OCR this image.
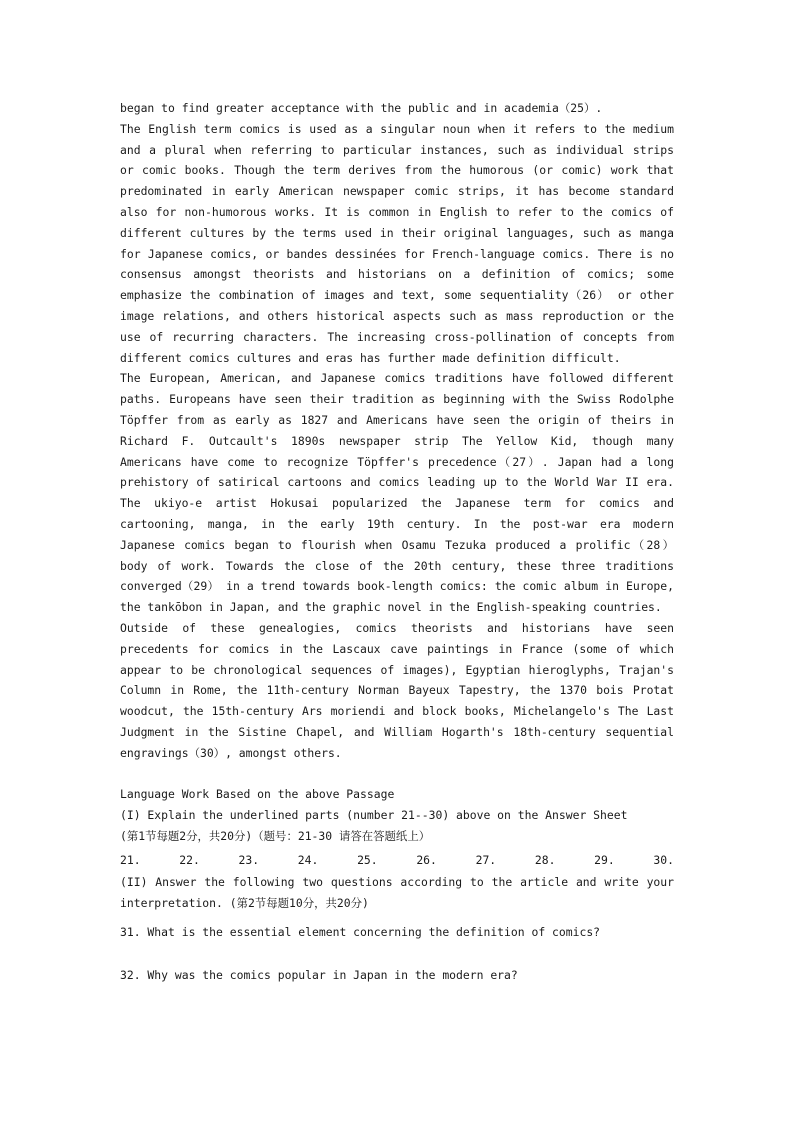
began to find greater acceptance with the public and in academia（25）.

The English term comics is used as a singular noun when it refers to the medium and a plural when referring to particular instances, such as individual strips or comic books. Though the term derives from the humorous (or comic) work that predominated in early American newspaper comic strips, it has become standard also for non-humorous works. It is common in English to refer to the comics of different cultures by the terms used in their original languages, such as manga for Japanese comics, or bandes dessinées for French-language comics. There is no consensus amongst theorists and historians on a definition of comics; some emphasize the combination of images and text, some sequentiality（26） or other image relations, and others historical aspects such as mass reproduction or the use of recurring characters. The increasing cross-pollination of concepts from different comics cultures and eras has further made definition difficult.

The European, American, and Japanese comics traditions have followed different paths. Europeans have seen their tradition as beginning with the Swiss Rodolphe Töpffer from as early as 1827 and Americans have seen the origin of theirs in Richard F. Outcault's 1890s newspaper strip The Yellow Kid, though many Americans have come to recognize Töpffer's precedence（27）. Japan had a long prehistory of satirical cartoons and comics leading up to the World War II era. The ukiyo-e artist Hokusai popularized the Japanese term for comics and cartooning, manga, in the early 19th century. In the post-war era modern Japanese comics began to flourish when Osamu Tezuka produced a prolific（28） body of work. Towards the close of the 20th century, these three traditions converged（29） in a trend towards book-length comics: the comic album in Europe, the tankōbon in Japan, and the graphic novel in the English-speaking countries.

Outside of these genealogies, comics theorists and historians have seen precedents for comics in the Lascaux cave paintings in France (some of which appear to be chronological sequences of images), Egyptian hieroglyphs, Trajan's Column in Rome, the 11th-century Norman Bayeux Tapestry, the 1370 bois Protat woodcut, the 15th-century Ars moriendi and block books, Michelangelo's The Last Judgment in the Sistine Chapel, and William Hogarth's 18th-century sequential engravings（30）, amongst others.

Language Work Based on the above Passage

(I) Explain the underlined parts (number 21--30) above on the Answer Sheet

(第1节每题2分，共20分)（题号：21-30 请答在答题纸上）

21.	22.	23.	24.	25.	26.	27.	28.	29.	30.

(II) Answer the following two questions according to the article and write your interpretation. (第2节每题10分，共20分)

31. What is the essential element concerning the definition of comics?

32. Why was the comics popular in Japan in the modern era?
